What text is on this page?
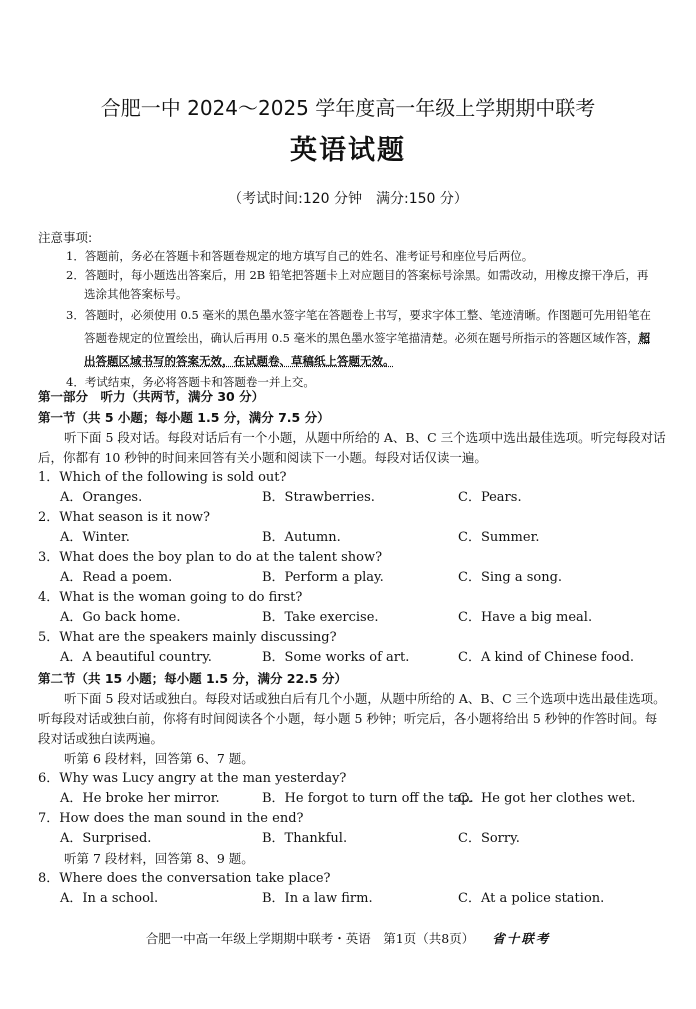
合肥一中 2024～2025 学年度高一年级上学期期中联考
英语试题
（考试时间:120 分钟　满分:150 分）
注意事项:
1．答题前，务必在答题卡和答题卷规定的地方填写自己的姓名、准考证号和座位号后两位。
2．答题时，每小题选出答案后，用 2B 铅笔把答题卡上对应题目的答案标号涂黑。如需改动，用橡皮擦干净后，再选涂其他答案标号。
3．答题时，必须使用 0.5 毫米的黑色墨水签字笔在答题卷上书写，要求字体工整、笔迹清晰。作图题可先用铅笔在答题卷规定的位置绘出，确认后再用 0.5 毫米的黑色墨水签字笔描清楚。必须在题号所指示的答题区域作答，超出答题区域书写的答案无效，在试题卷、草稿纸上答题无效。
4．考试结束，务必将答题卡和答题卷一并上交。
第一部分　听力（共两节，满分 30 分）
第一节（共 5 小题；每小题 1.5 分，满分 7.5 分）
听下面 5 段对话。每段对话后有一个小题，从题中所给的 A、B、C 三个选项中选出最佳选项。听完每段对话后，你都有 10 秒钟的时间来回答有关小题和阅读下一小题。每段对话仅读一遍。
1．Which of the following is sold out?
A．Oranges.	B．Strawberries.	C．Pears.
2．What season is it now?
A．Winter.	B．Autumn.	C．Summer.
3．What does the boy plan to do at the talent show?
A．Read a poem.	B．Perform a play.	C．Sing a song.
4．What is the woman going to do first?
A．Go back home.	B．Take exercise.	C．Have a big meal.
5．What are the speakers mainly discussing?
A．A beautiful country.	B．Some works of art.	C．A kind of Chinese food.
第二节（共 15 小题；每小题 1.5 分，满分 22.5 分）
听下面 5 段对话或独白。每段对话或独白后有几个小题，从题中所给的 A、B、C 三个选项中选出最佳选项。听每段对话或独白前，你将有时间阅读各个小题，每小题 5 秒钟；听完后，各小题将给出 5 秒钟的作答时间。每段对话或独白读两遍。
听第 6 段材料，回答第 6、7 题。
6．Why was Lucy angry at the man yesterday?
A．He broke her mirror.	B．He forgot to turn off the tap.
C．He got her clothes wet.
7．How does the man sound in the end?
A．Surprised.	B．Thankful.	C．Sorry.
听第 7 段材料，回答第 8、9 题。
8．Where does the conversation take place?
A．In a school.	B．In a law firm.	C．At a police station.
合肥一中高一年级上学期期中联考・英语　第1页（共8页） 省十联考
